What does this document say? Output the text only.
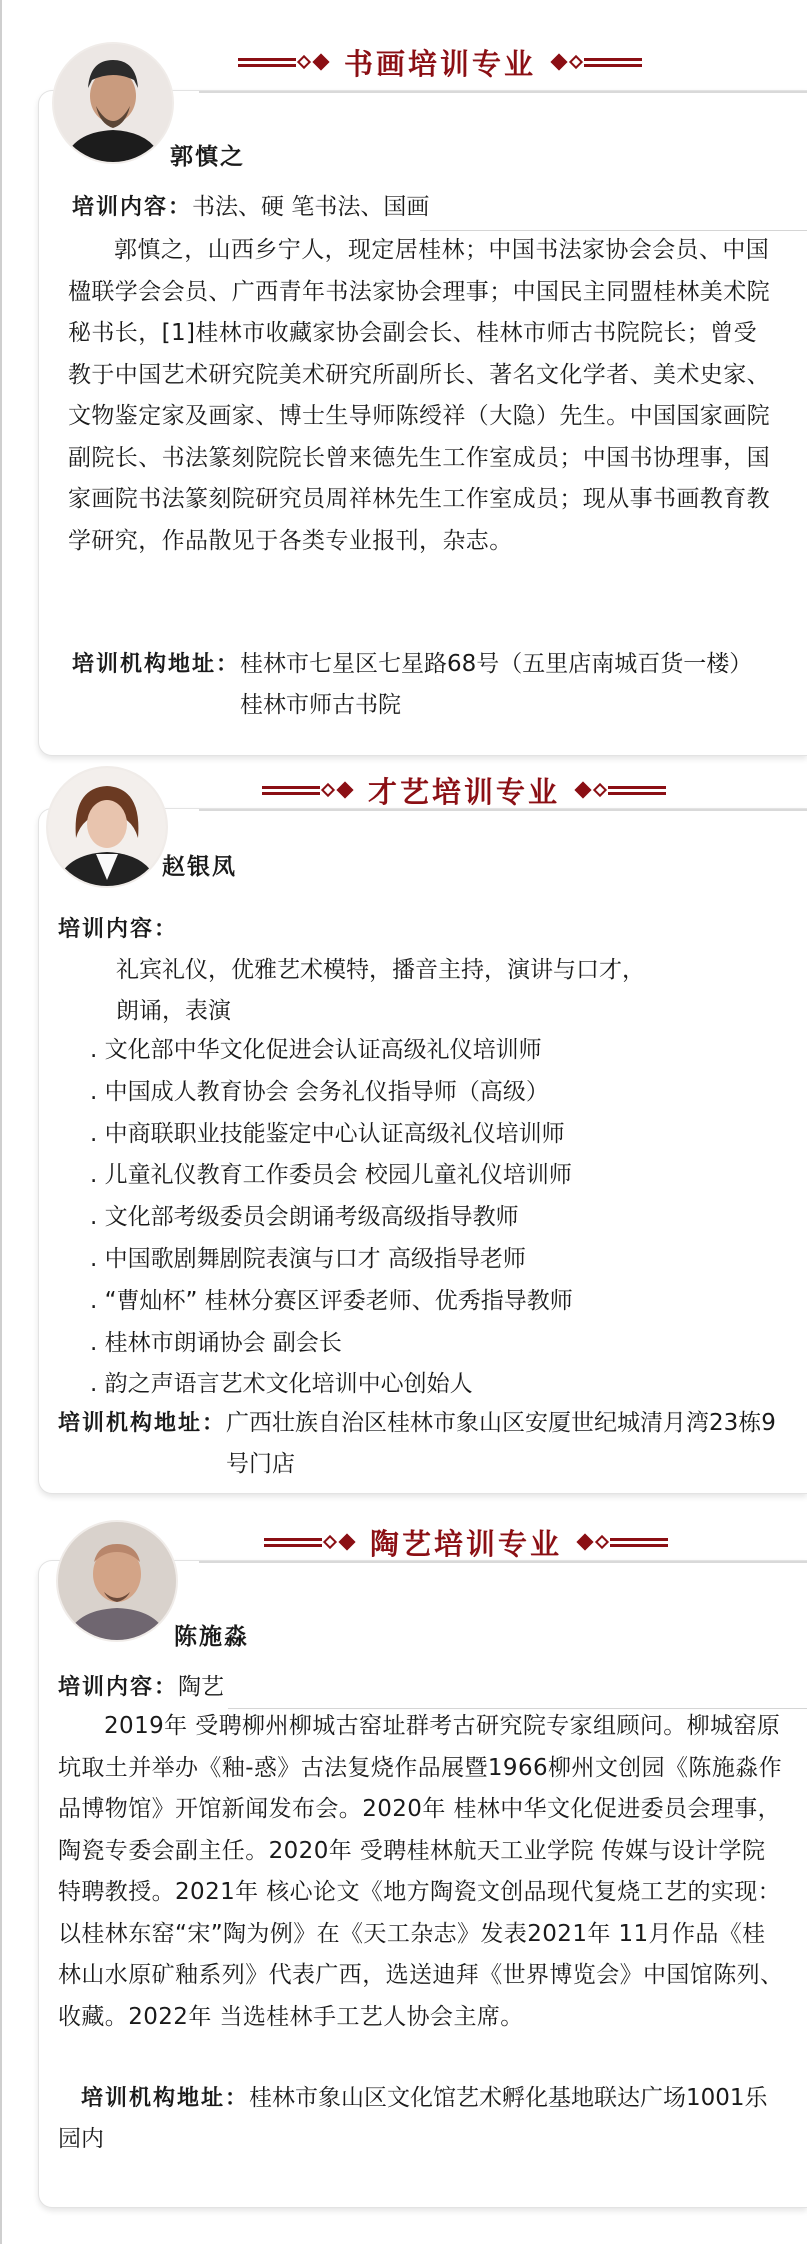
书画培训专业
郭慎之
培训内容：书法、硬 笔书法、国画

郭慎之，山西乡宁人，现定居桂林；中国书法家协会会员、中国楹联学会会员、广西青年书法家协会理事；中国民主同盟桂林美术院秘书长，[1]桂林市收藏家协会副会长、桂林市师古书院院长；曾受教于中国艺术研究院美术研究所副所长、著名文化学者、美术史家、文物鉴定家及画家、博士生导师陈绶祥（大隐）先生。中国国家画院副院长、书法篆刻院院长曾来德先生工作室成员；中国书协理事，国家画院书法篆刻院研究员周祥林先生工作室成员；现从事书画教育教学研究，作品散见于各类专业报刊，杂志。

培训机构地址： 桂林市七星区七星路68号（五里店南城百货一楼）桂林市师古书院
才艺培训专业
赵银凤
培训内容：
礼宾礼仪，优雅艺术模特，播音主持，演讲与口才，
朗诵，表演
. 文化部中华文化促进会认证高级礼仪培训师
. 中国成人教育协会 会务礼仪指导师（高级）
. 中商联职业技能鉴定中心认证高级礼仪培训师
. 儿童礼仪教育工作委员会 校园儿童礼仪培训师
. 文化部考级委员会朗诵考级高级指导教师
. 中国歌剧舞剧院表演与口才 高级指导老师
. “曹灿杯” 桂林分赛区评委老师、优秀指导教师
. 桂林市朗诵协会 副会长
. 韵之声语言艺术文化培训中心创始人
培训机构地址： 广西壮族自治区桂林市象山区安厦世纪城清月湾23栋9号门店
陶艺培训专业
陈施淼
培训内容：陶艺

2019年 受聘柳州柳城古窑址群考古研究院专家组顾问。柳城窑原坑取土并举办《釉-惑》古法复烧作品展暨1966柳州文创园《陈施淼作品博物馆》开馆新闻发布会。2020年 桂林中华文化促进委员会理事，陶瓷专委会副主任。2020年 受聘桂林航天工业学院 传媒与设计学院特聘教授。2021年 核心论文《地方陶瓷文创品现代复烧工艺的实现：以桂林东窑“宋”陶为例》在《天工杂志》发表2021年 11月作品《桂林山水原矿釉系列》代表广西，选送迪拜《世界博览会》中国馆陈列、收藏。2022年 当选桂林手工艺人协会主席。

培训机构地址：桂林市象山区文化馆艺术孵化基地联达广场1001乐园内
